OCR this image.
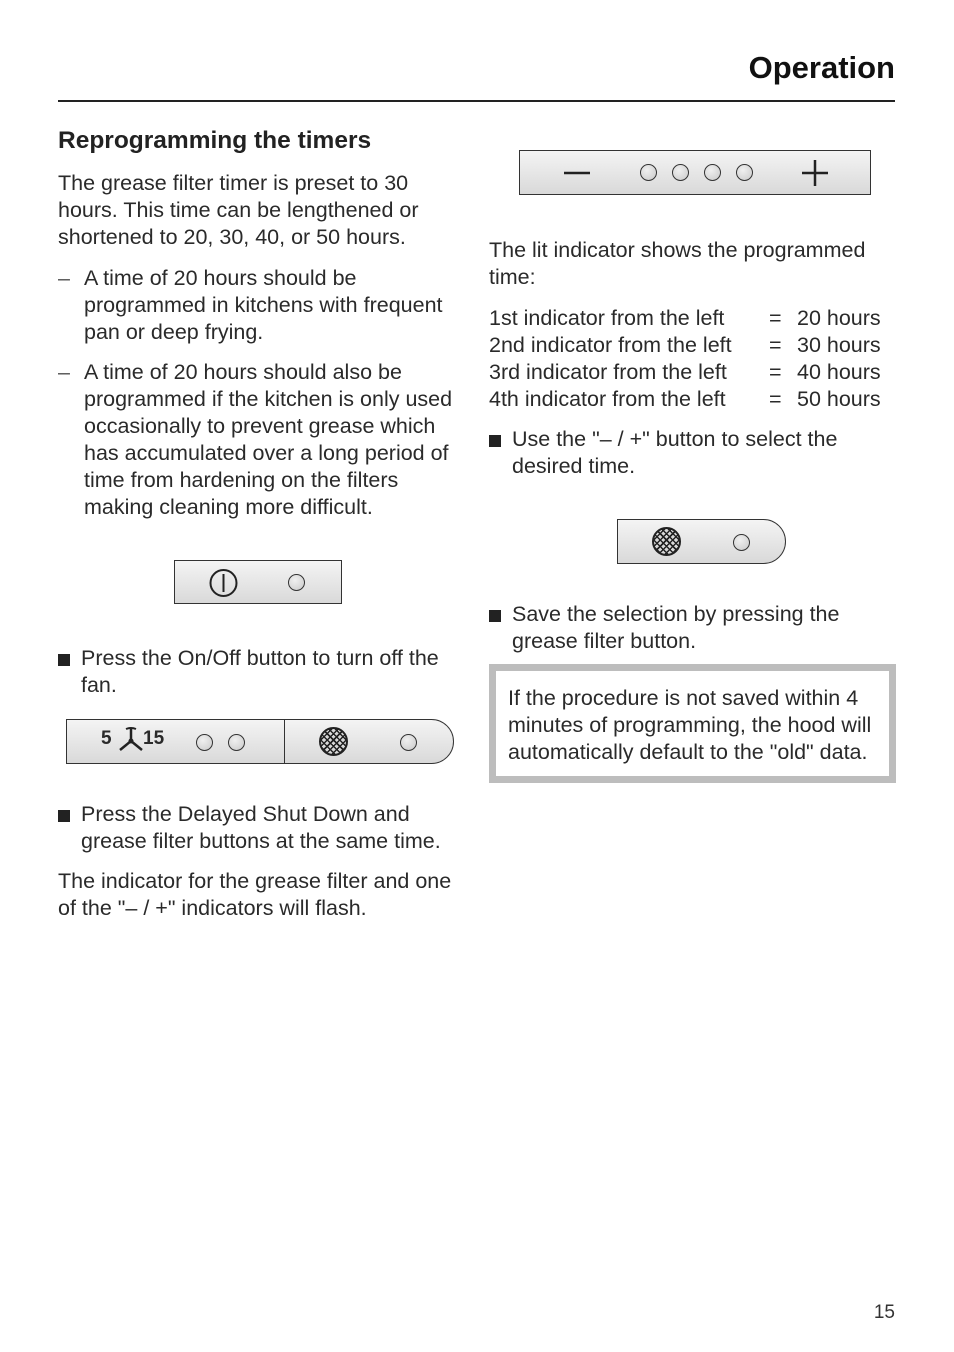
Operation
Reprogramming the timers

The grease filter timer is preset to 30 hours. This time can be lengthened or shortened to 20, 30, 40, or 50 hours.

– A time of 20 hours should be programmed in kitchens with frequent pan or deep frying.
– A time of 20 hours should also be programmed if the kitchen is only used occasionally to prevent grease which has accumulated over a long period of time from hardening on the filters making cleaning more difficult.
Press the On/Off button to turn off the fan.
5 15
Press the Delayed Shut Down and grease filter buttons at the same time.

The indicator for the grease filter and one of the "– / +" indicators will flash.

The lit indicator shows the programmed time:

1st indicator from the left	= 20 hours
2nd indicator from the left	= 30 hours
3rd indicator from the left	= 40 hours
4th indicator from the left	= 50 hours
Use the "– / +" button to select the desired time.
Save the selection by pressing the grease filter button.
If the procedure is not saved within 4 minutes of programming, the hood will automatically default to the "old" data.
15
